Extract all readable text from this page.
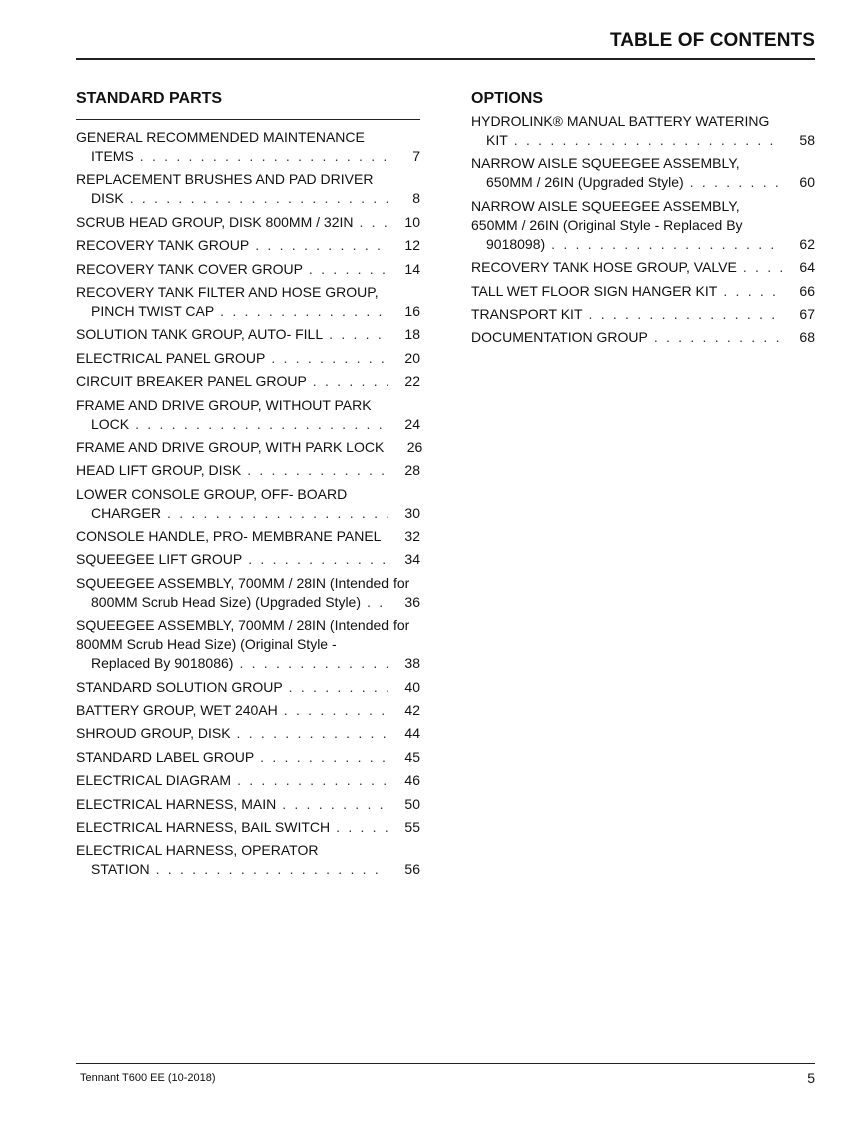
TABLE OF CONTENTS
STANDARD PARTS
GENERAL RECOMMENDED MAINTENANCE
ITEMS . . .	7
REPLACEMENT BRUSHES AND PAD DRIVER
DISK . . .	8
SCRUB HEAD GROUP, DISK 800MM / 32IN . . .	10
RECOVERY TANK GROUP . . .	12
RECOVERY TANK COVER GROUP . . .	14
RECOVERY TANK FILTER AND HOSE GROUP,
PINCH TWIST CAP . . .	16
SOLUTION TANK GROUP, AUTO- FILL . . .	18
ELECTRICAL PANEL GROUP . . .	20
CIRCUIT BREAKER PANEL GROUP . . .	22
FRAME AND DRIVE GROUP, WITHOUT PARK
LOCK . . .	24
FRAME AND DRIVE GROUP, WITH PARK LOCK	26
HEAD LIFT GROUP, DISK . . .	28
LOWER CONSOLE GROUP, OFF- BOARD
CHARGER . . .	30
CONSOLE HANDLE, PRO- MEMBRANE PANEL . . .	32
SQUEEGEE LIFT GROUP . . .	34
SQUEEGEE ASSEMBLY, 700MM / 28IN (Intended for
800MM Scrub Head Size) (Upgraded Style) . . .	36
SQUEEGEE ASSEMBLY, 700MM / 28IN (Intended for
800MM Scrub Head Size) (Original Style -
Replaced By 9018086) . . .	38
STANDARD SOLUTION GROUP . . .	40
BATTERY GROUP, WET 240AH . . .	42
SHROUD GROUP, DISK . . .	44
STANDARD LABEL GROUP . . .	45
ELECTRICAL DIAGRAM . . .	46
ELECTRICAL HARNESS, MAIN . . .	50
ELECTRICAL HARNESS, BAIL SWITCH . . .	55
ELECTRICAL HARNESS, OPERATOR
STATION . . .	56
OPTIONS
HYDROLINK® MANUAL BATTERY WATERING
KIT . . .	58
NARROW AISLE SQUEEGEE ASSEMBLY,
650MM / 26IN (Upgraded Style) . . .	60
NARROW AISLE SQUEEGEE ASSEMBLY,
650MM / 26IN (Original Style - Replaced By
9018098) . . .	62
RECOVERY TANK HOSE GROUP, VALVE . . .	64
TALL WET FLOOR SIGN HANGER KIT . . .	66
TRANSPORT KIT . . .	67
DOCUMENTATION GROUP . . .	68
Tennant T600 EE (10-2018)	5
